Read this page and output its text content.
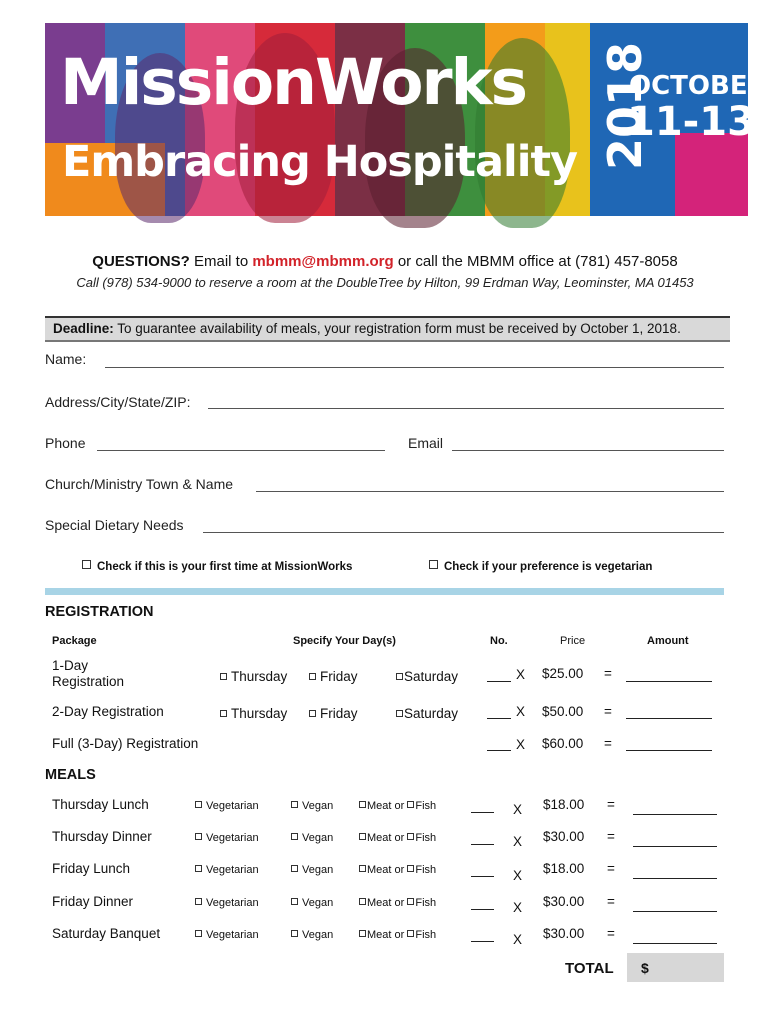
MissionWorks
Embracing Hospitality 2018
OCTOBER
11-13
QUESTIONS? Email to mbmm@mbmm.org or call the MBMM office at (781) 457-8058
Call (978) 534-9000 to reserve a room at the DoubleTree by Hilton, 99 Erdman Way, Leominster, MA 01453
Deadline: To guarantee availability of meals, your registration form must be received by October 1, 2018.
Name:
Address/City/State/ZIP:
Phone	Email
Church/Ministry Town & Name
Special Dietary Needs
Check if this is your first time at MissionWorks	Check if your preference is vegetarian
REGISTRATION
Package	Specify Your Day(s)	No.	Price	Amount
1-Day
Registration	Thursday	Friday	Saturday	X $25.00 =
2-Day Registration	Thursday	Friday	Saturday	X $50.00 =
Full (3-Day) Registration	X $60.00 =
MEALS
Thursday Lunch	Vegetarian	Vegan	Meat or Fish	X $18.00 =
Thursday Dinner	Vegetarian	Vegan	Meat or Fish	X $30.00 =
Friday Lunch	Vegetarian	Vegan	Meat or Fish	X $18.00 =
Friday Dinner	Vegetarian	Vegan	Meat or Fish	X $30.00 =
Saturday Banquet	Vegetarian	Vegan	Meat or Fish	X $30.00 =
TOTAL $
